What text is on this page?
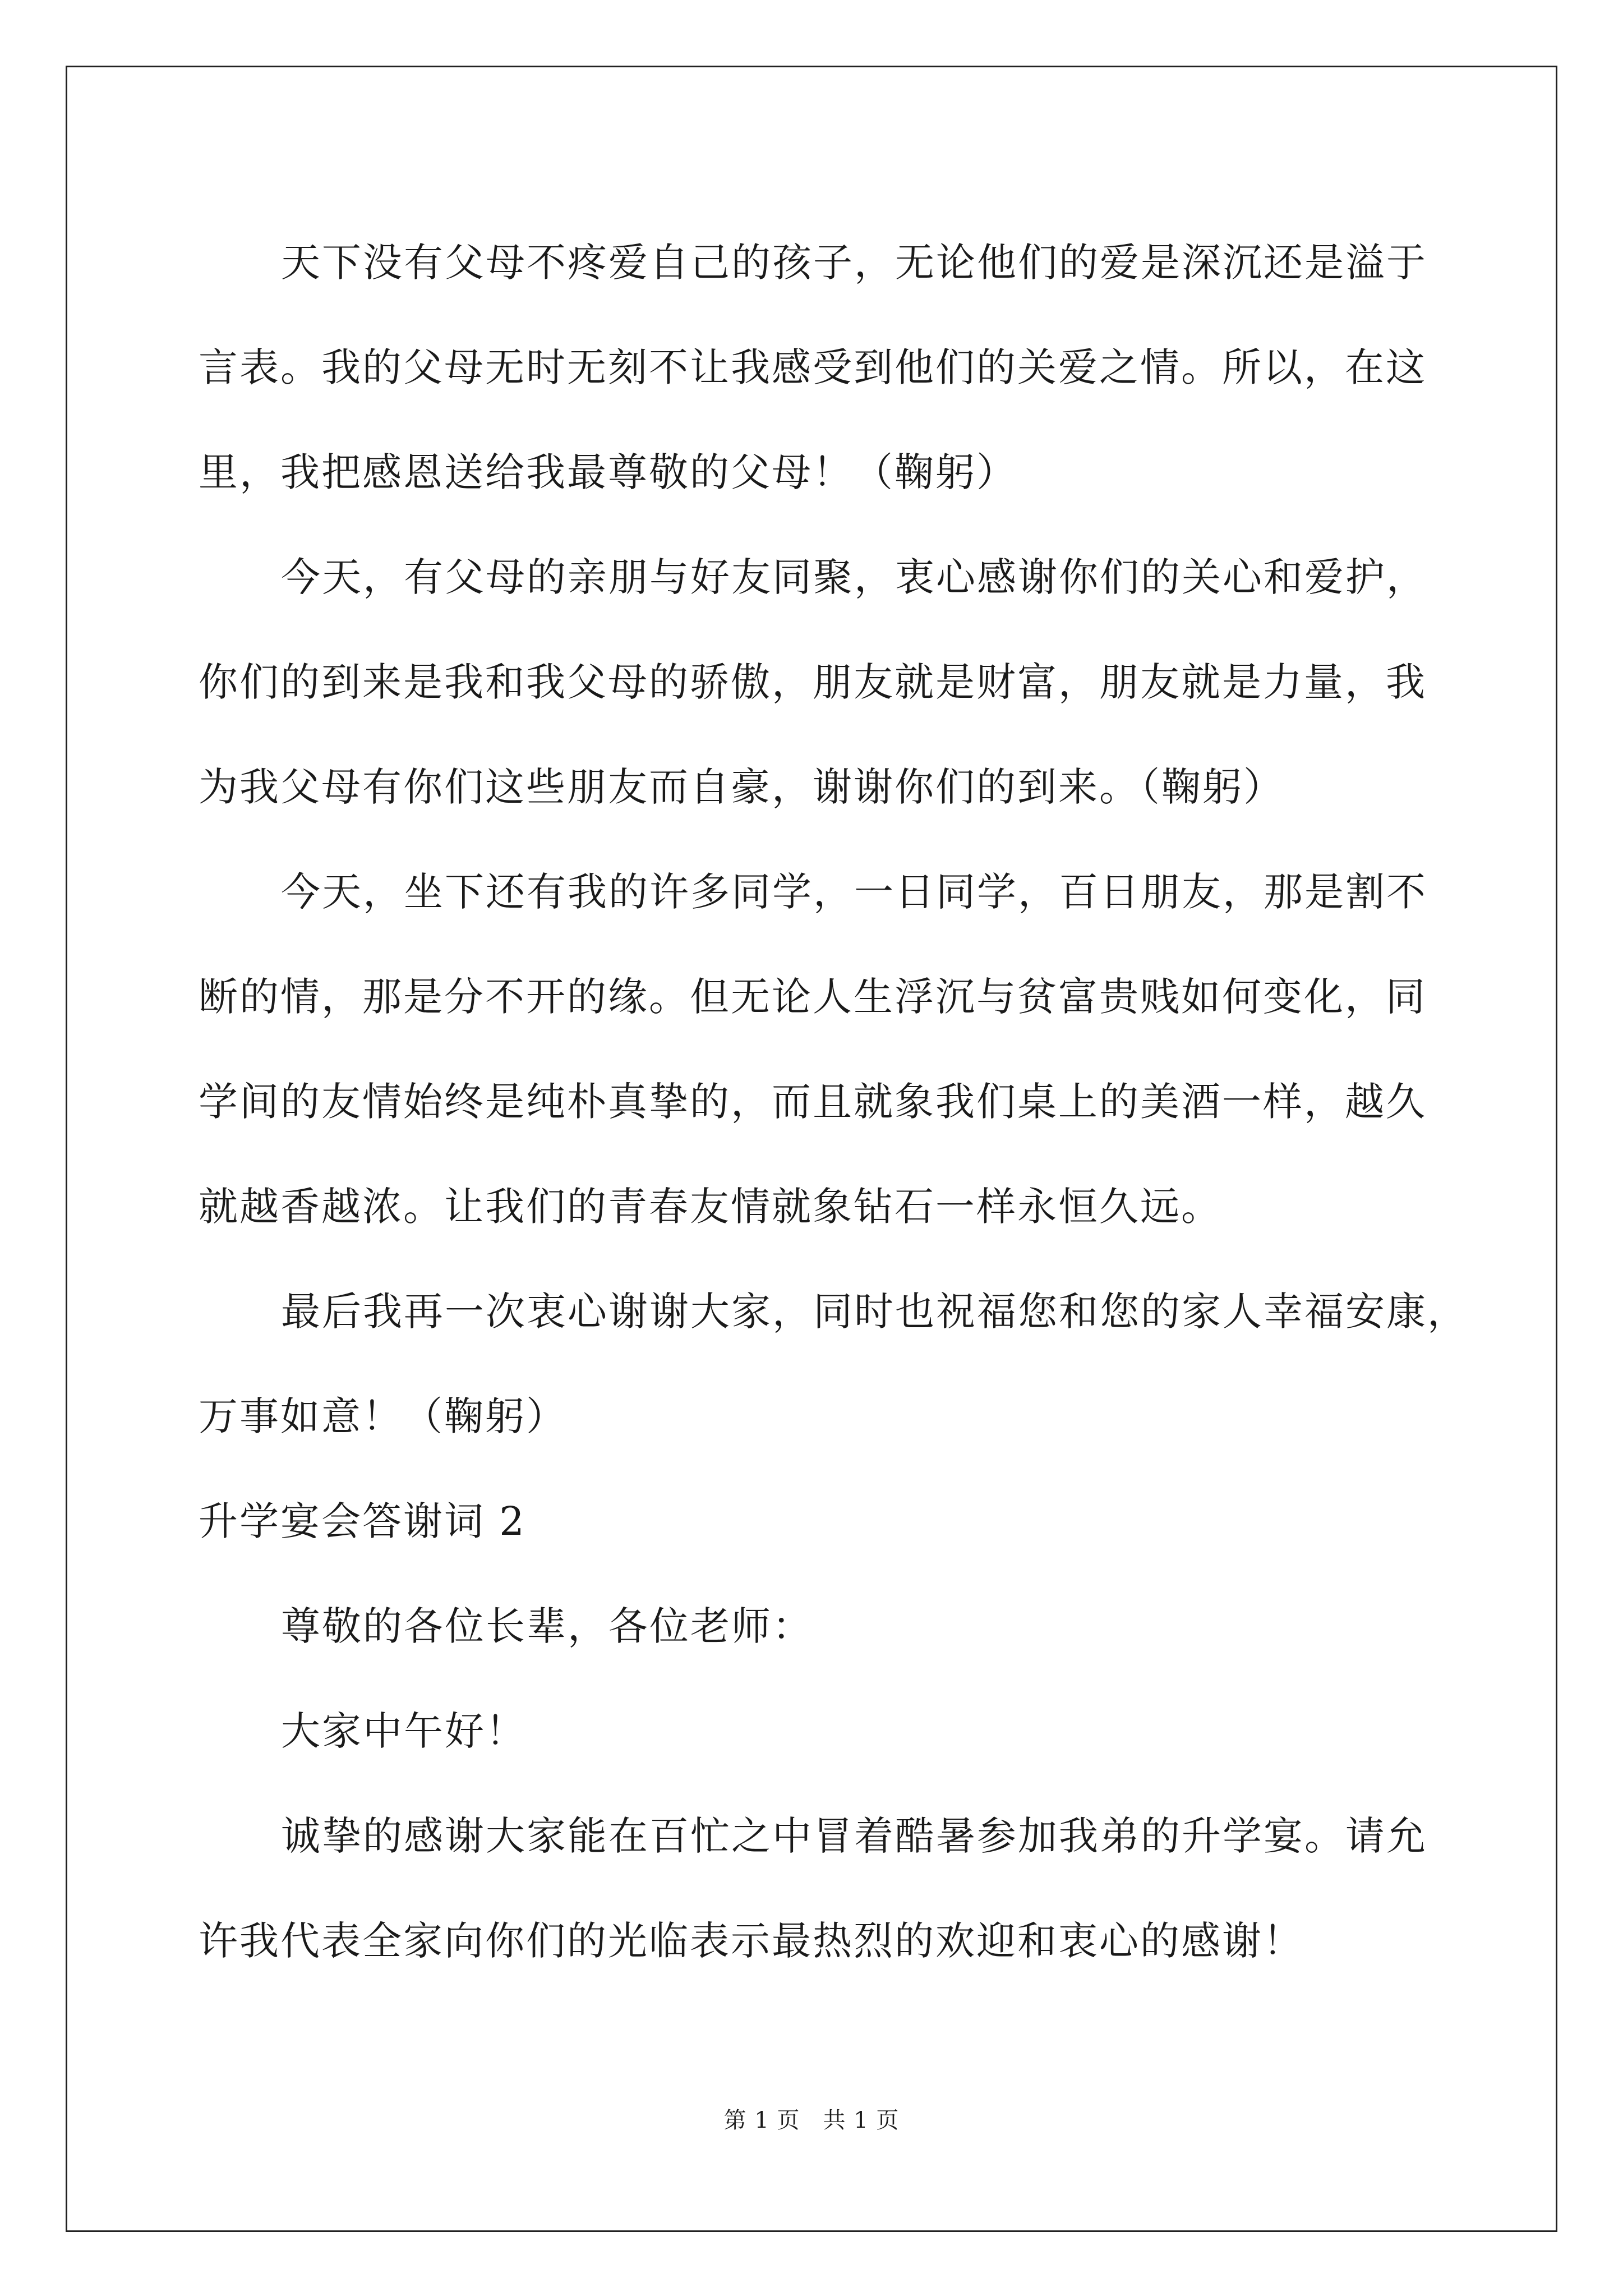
天下没有父母不疼爱自己的孩子，无论他们的爱是深沉还是溢于
言表。我的父母无时无刻不让我感受到他们的关爱之情。所以，在这
里，我把感恩送给我最尊敬的父母！（鞠躬）
今天，有父母的亲朋与好友同聚，衷心感谢你们的关心和爱护，
你们的到来是我和我父母的骄傲，朋友就是财富，朋友就是力量，我
为我父母有你们这些朋友而自豪，谢谢你们的到来。（鞠躬）
今天，坐下还有我的许多同学，一日同学，百日朋友，那是割不
断的情，那是分不开的缘。但无论人生浮沉与贫富贵贱如何变化，同
学间的友情始终是纯朴真挚的，而且就象我们桌上的美酒一样，越久
就越香越浓。让我们的青春友情就象钻石一样永恒久远。
最后我再一次衷心谢谢大家，同时也祝福您和您的家人幸福安康，
万事如意！（鞠躬）
升学宴会答谢词 2
尊敬的各位长辈，各位老师：
大家中午好！
诚挚的感谢大家能在百忙之中冒着酷暑参加我弟的升学宴。请允
许我代表全家向你们的光临表示最热烈的欢迎和衷心的感谢！
第 1 页　共 1 页
